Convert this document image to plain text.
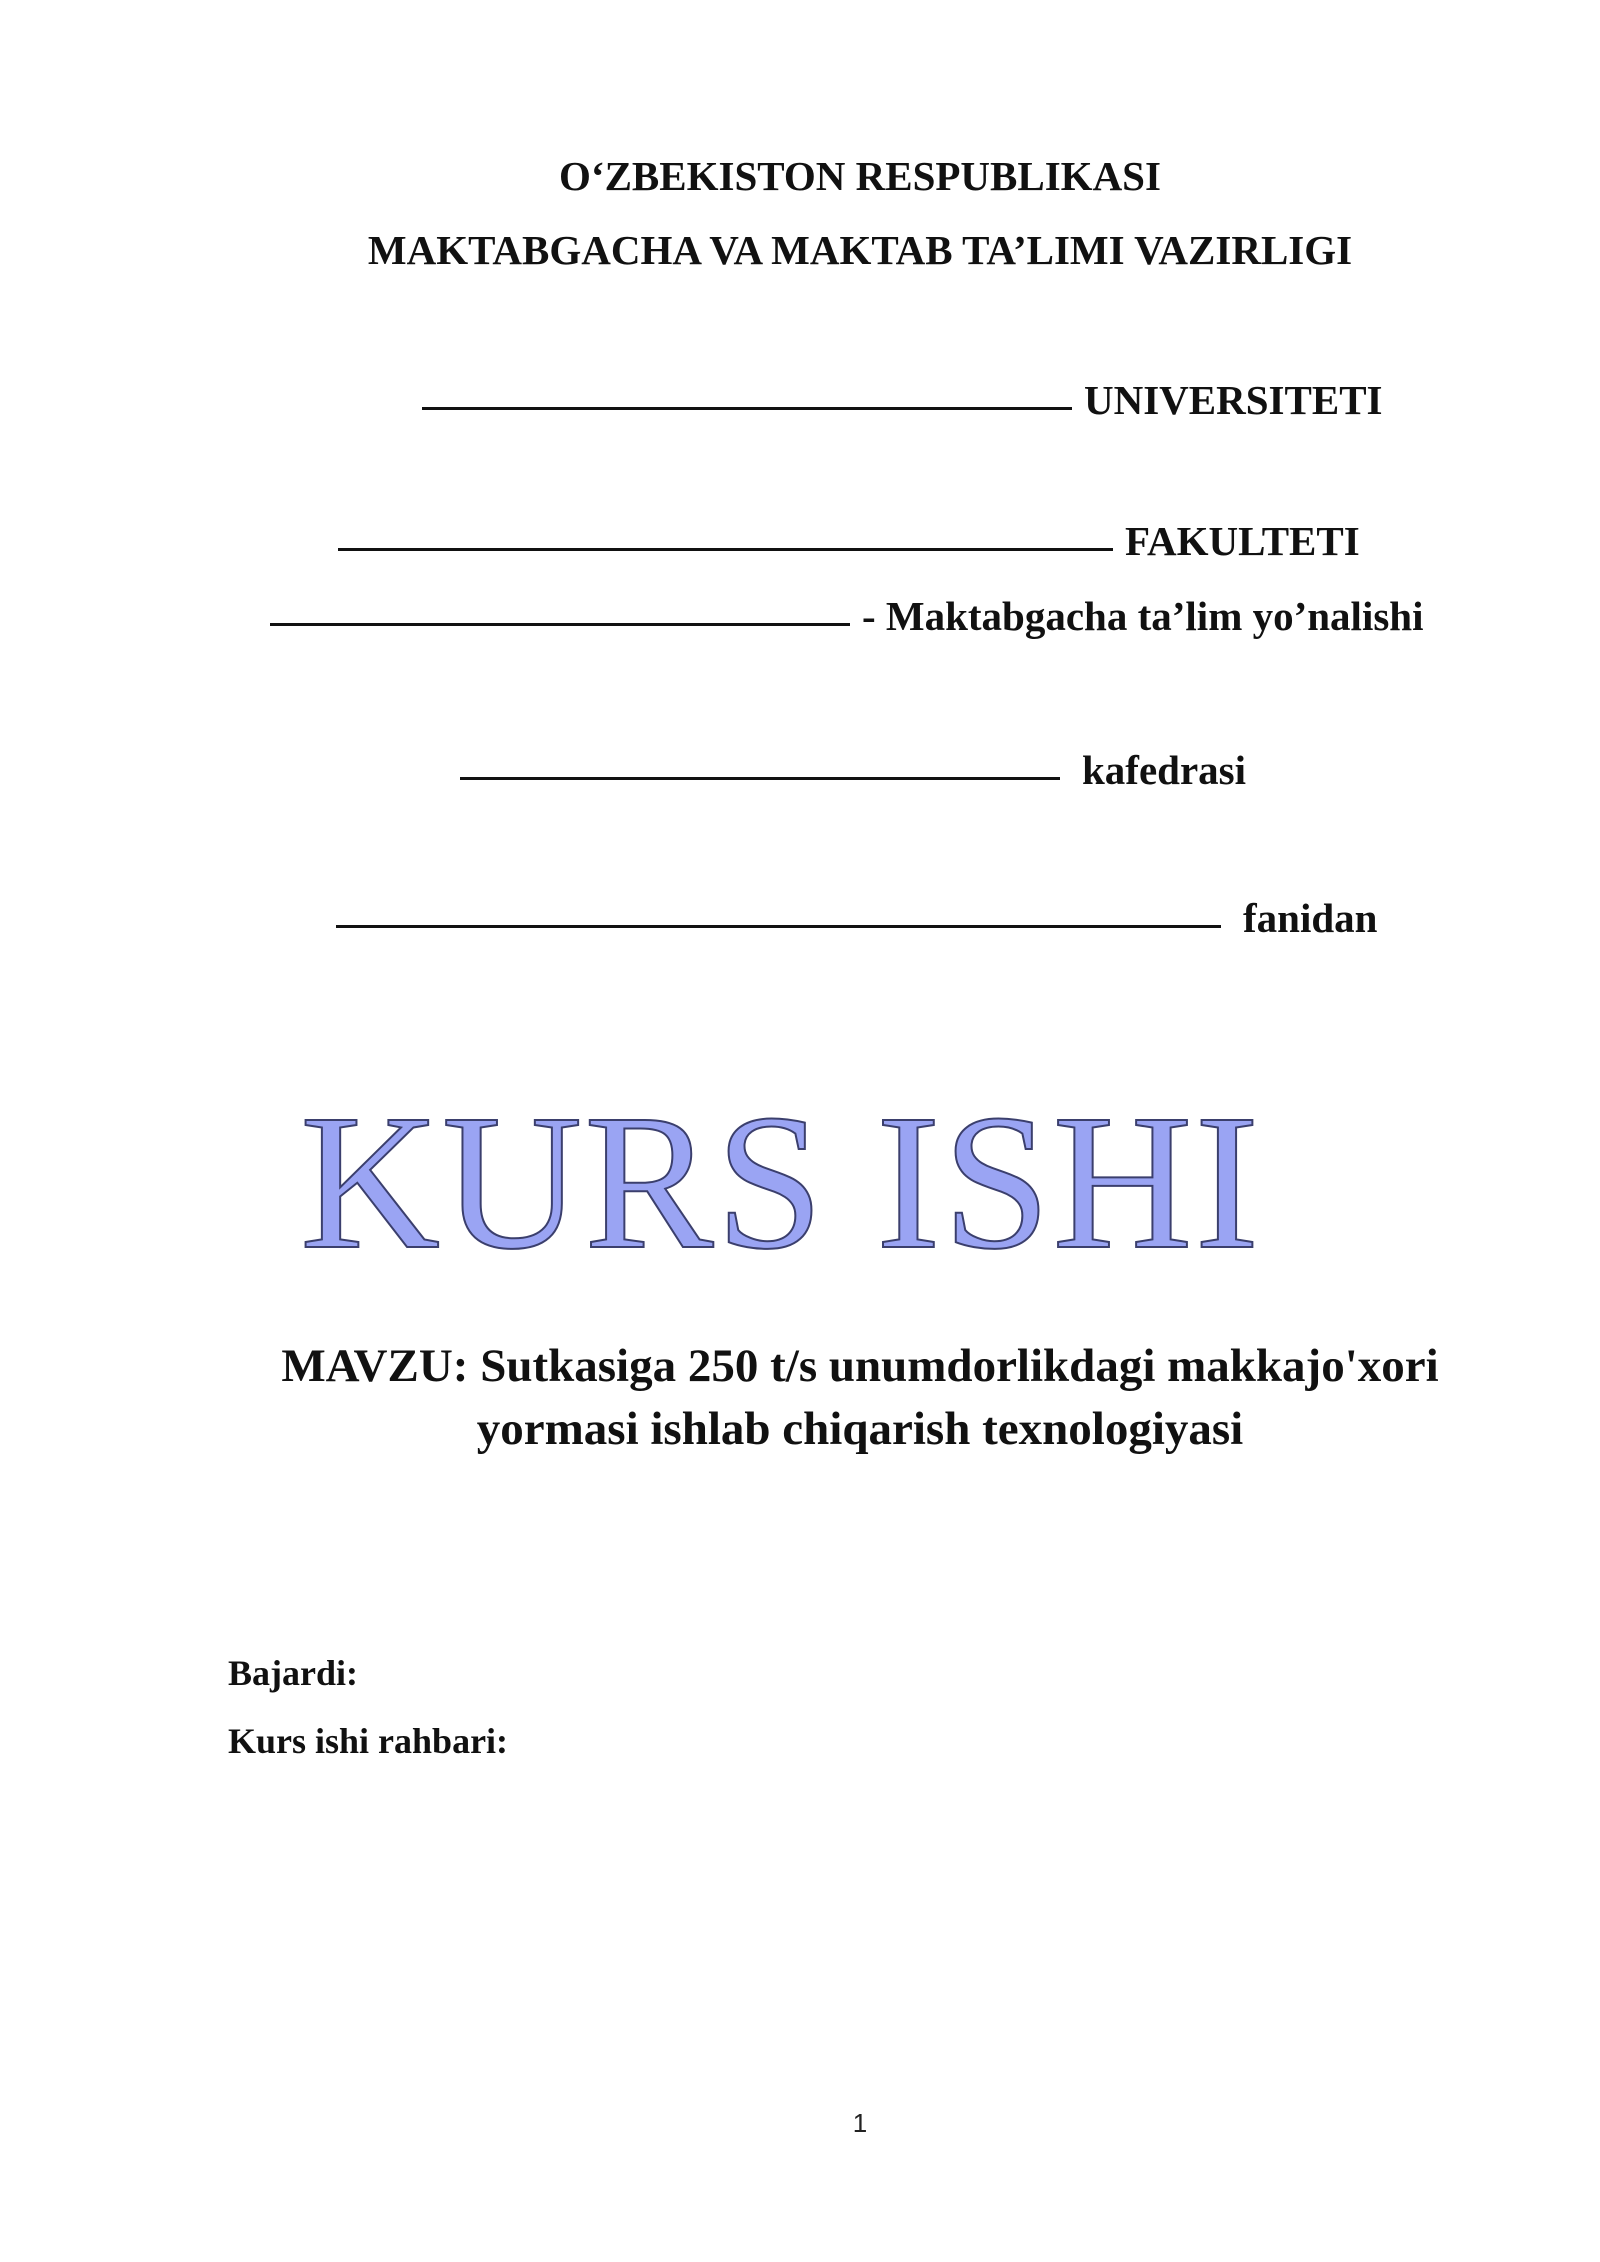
O‘ZBEKISTON RESPUBLIKASI
MAKTABGACHA VA MAKTAB TA’LIMI VAZIRLIGI
UNIVERSITETI
FAKULTETI
- Maktabgacha ta’lim yo’nalishi
kafedrasi
fanidan
KURS ISHI
MAVZU: Sutkasiga 250 t/s unumdorlikdagi makkajo'xori
yormasi ishlab chiqarish texnologiyasi
Bajardi:
Kurs ishi rahbari:
1
